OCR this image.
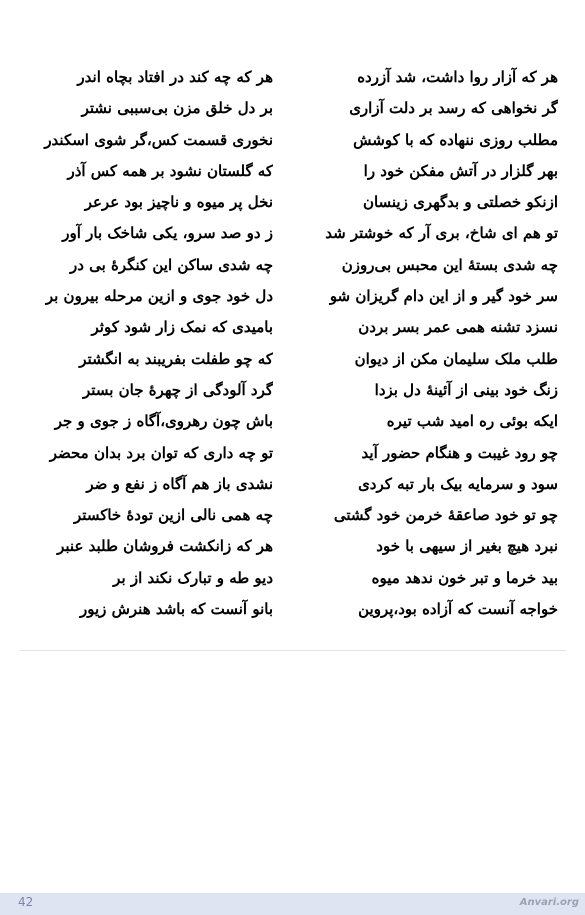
هر که آزار روا داشت، شد آزرده
گر نخواهی که رسد بر دلت آزاری
مطلب روزی ننهاده که با کوشش
بهر گلزار در آتش مفکن خود را
ازنکو خصلتی و بدگهری زینسان
تو هم ای شاخ، بری آر که خوشتر شد
چه شدی بستهٔ این محبس بی‌روزن
سر خود گیر و از این دام گریزان شو
نسزد تشنه همی عمر بسر بردن
طلب ملک سلیمان مکن از دیوان
زنگ خود بینی از آئینهٔ دل بزدا
ایکه بوئی ره امید شب تیره
چو رود غیبت و هنگام حضور آید
سود و سرمایه بیک بار تبه کردی
چو تو خود صاعقهٔ خرمن خود گشتی
نبرد هیچ بغیر از سیهی با خود
بید خرما و تبر خون ندهد میوه
خواجه آنست که آزاده بود،پروین
هر که چه کند در افتاد بچاه اندر
بر دل خلق مزن بی‌سببی نشتر
نخوری قسمت کس،گر شوی اسکندر
که گلستان نشود بر همه کس آذر
نخل پر میوه و ناچیز بود عرعر
ز دو صد سرو، یکی شاخک بار آور
چه شدی ساکن این کنگرهٔ بی در
دل خود جوی و ازین مرحله بیرون بر
بامیدی که نمک زار شود کوثر
که چو طفلت بفریبند به انگشتر
گرد آلودگی از چهرهٔ جان بستر
باش چون رهروی،آگاه ز جوی و جر
تو چه داری که توان برد بدان محضر
نشدی باز هم آگاه ز نفع و ضر
چه همی نالی ازین تودهٔ خاکستر
هر که زانکشت فروشان طلبد عنبر
دیو طه و تبارک نکند از بر
بانو آنست که باشد هنرش زیور
42	Anvari.org
